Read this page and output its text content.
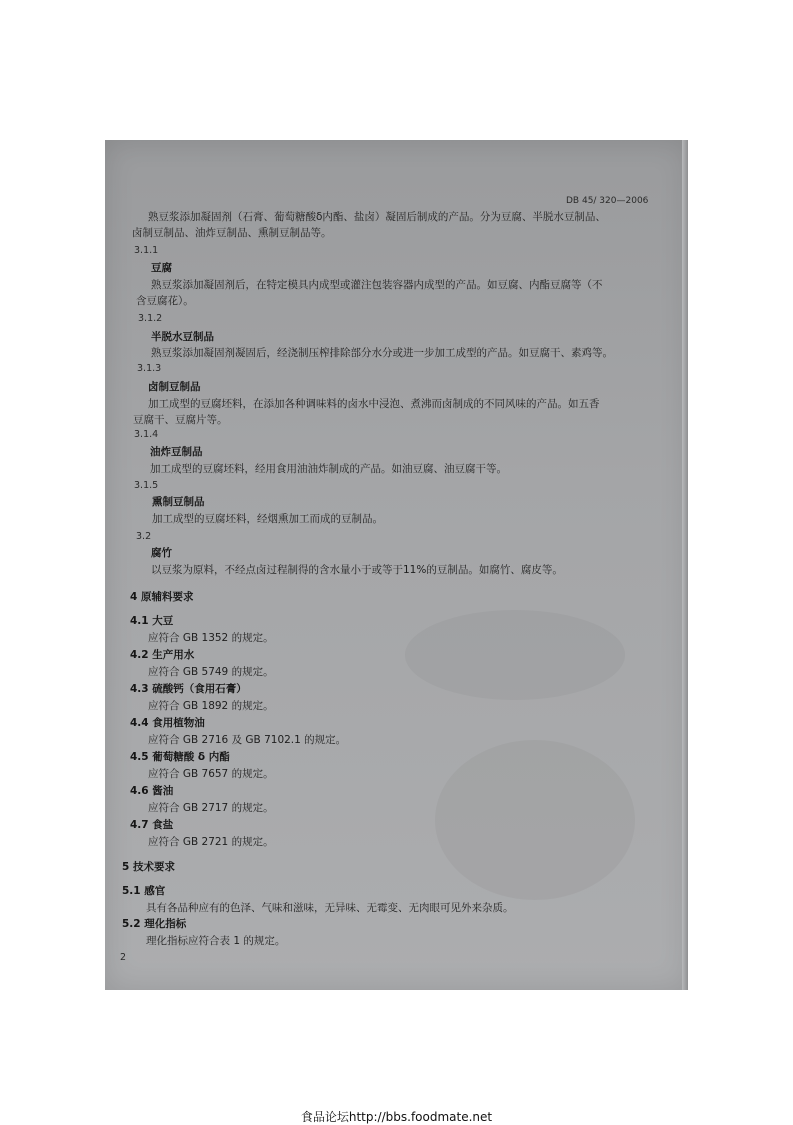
DB 45/ 320—2006
熟豆浆添加凝固剂（石膏、葡萄糖酸δ内酯、盐卤）凝固后制成的产品。分为豆腐、半脱水豆制品、
卤制豆制品、油炸豆制品、熏制豆制品等。
3.1.1
豆腐
熟豆浆添加凝固剂后，在特定模具内成型或灌注包装容器内成型的产品。如豆腐、内酯豆腐等（不
含豆腐花）。
3.1.2
半脱水豆制品
熟豆浆添加凝固剂凝固后，经浇制压榨排除部分水分或进一步加工成型的产品。如豆腐干、素鸡等。
3.1.3
卤制豆制品
加工成型的豆腐坯料，在添加各种调味料的卤水中浸泡、煮沸而卤制成的不同风味的产品。如五香
豆腐干、豆腐片等。
3.1.4
油炸豆制品
加工成型的豆腐坯料，经用食用油油炸制成的产品。如油豆腐、油豆腐干等。
3.1.5
熏制豆制品
加工成型的豆腐坯料，经烟熏加工而成的豆制品。
3.2
腐竹
以豆浆为原料，不经点卤过程制得的含水量小于或等于11%的豆制品。如腐竹、腐皮等。
4 原辅料要求
4.1 大豆
应符合 GB 1352 的规定。
4.2 生产用水
应符合 GB 5749 的规定。
4.3 硫酸钙（食用石膏）
应符合 GB 1892 的规定。
4.4 食用植物油
应符合 GB 2716 及 GB 7102.1 的规定。
4.5 葡萄糖酸 δ 内酯
应符合 GB 7657 的规定。
4.6 酱油
应符合 GB 2717 的规定。
4.7 食盐
应符合 GB 2721 的规定。
5 技术要求
5.1 感官
具有各品种应有的色泽、气味和滋味，无异味、无霉变、无肉眼可见外来杂质。
5.2 理化指标
理化指标应符合表 1 的规定。
2
食品论坛http://bbs.foodmate.net
